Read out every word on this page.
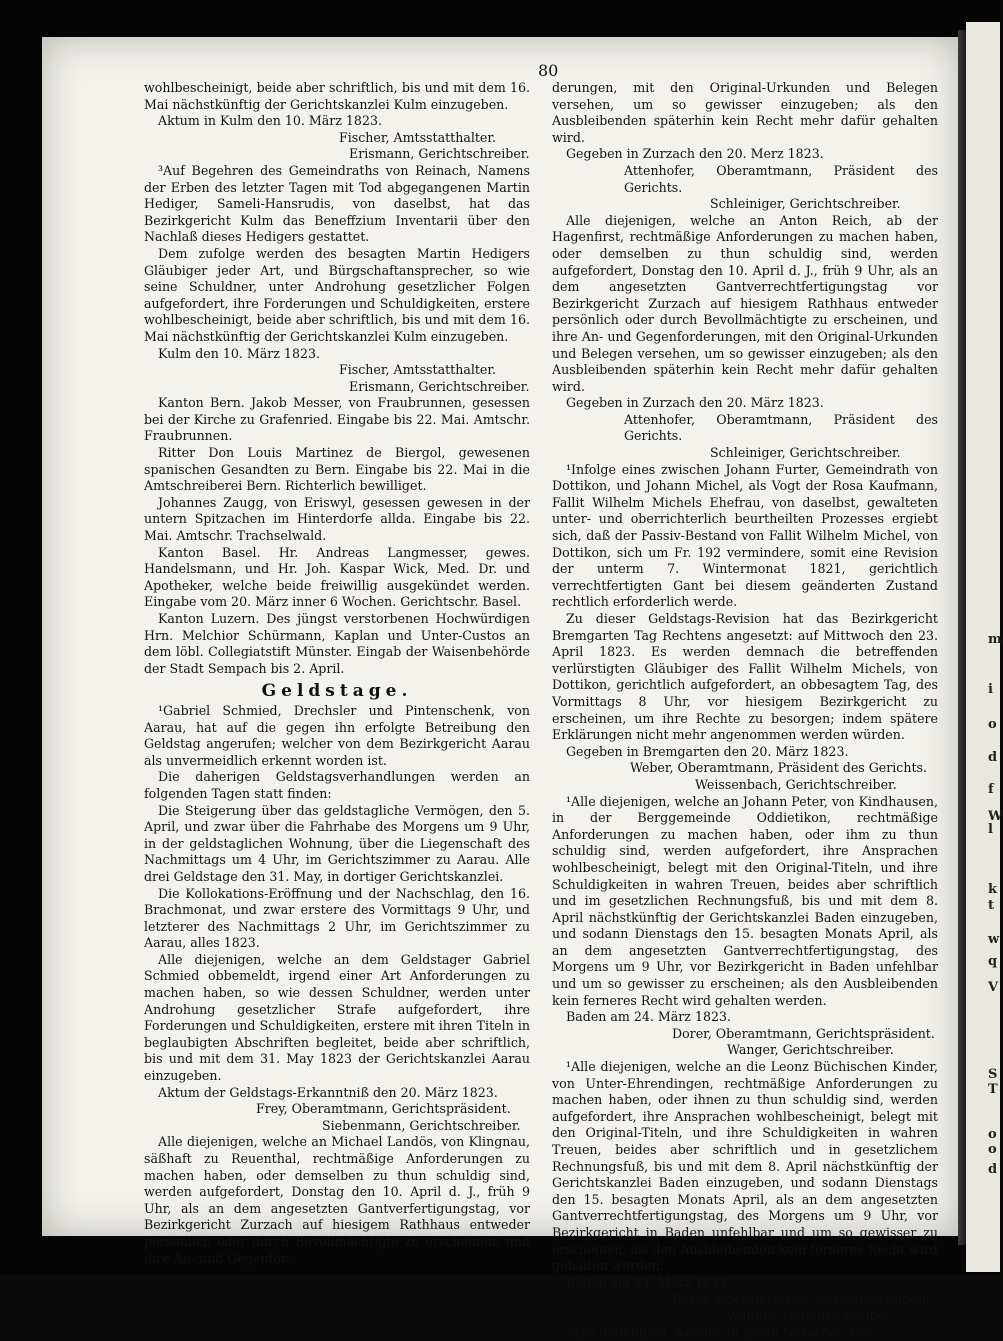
m
i
o
d
f
W
l
k
t
w
q
V
S
T
o
o
d
80

wohlbescheinigt, beide aber schriftlich, bis und mit dem 16. Mai nächstkünftig der Gerichtskanzlei Kulm einzugeben.

Aktum in Kulm den 10. März 1823.

Fischer, Amtsstatthalter.

Erismann, Gerichtschreiber.

³Auf Begehren des Gemeindraths von Reinach, Namens der Erben des letzter Tagen mit Tod abgegangenen Martin Hediger, Sameli-Hansrudis, von daselbst, hat das Bezirkgericht Kulm das Beneffzium Inventarii über den Nachlaß dieses Hedigers gestattet.

Dem zufolge werden des besagten Martin Hedigers Gläubiger jeder Art, und Bürgschaftansprecher, so wie seine Schuldner, unter Androhung gesetzlicher Folgen aufgefordert, ihre Forderungen und Schuldigkeiten, erstere wohlbescheinigt, beide aber schriftlich, bis und mit dem 16. Mai nächstkünftig der Gerichtskanzlei Kulm einzugeben.

Kulm den 10. März 1823.

Fischer, Amtsstatthalter.

Erismann, Gerichtschreiber.

Kanton Bern. Jakob Messer, von Fraubrunnen, gesessen bei der Kirche zu Grafenried. Eingabe bis 22. Mai. Amtschr. Fraubrunnen.

Ritter Don Louis Martinez de Biergol, gewesenen spanischen Gesandten zu Bern. Eingabe bis 22. Mai in die Amtschreiberei Bern. Richterlich bewilliget.

Johannes Zaugg, von Eriswyl, gesessen gewesen in der untern Spitzachen im Hinterdorfe allda. Eingabe bis 22. Mai. Amtschr. Trachselwald.

Kanton Basel. Hr. Andreas Langmesser, gewes. Handelsmann, und Hr. Joh. Kaspar Wick, Med. Dr. und Apotheker, welche beide freiwillig ausgekündet werden. Eingabe vom 20. März inner 6 Wochen. Gerichtschr. Basel.

Kanton Luzern. Des jüngst verstorbenen Hochwürdigen Hrn. Melchior Schürmann, Kaplan und Unter-Custos an dem löbl. Collegiatstift Münster. Eingab der Waisenbehörde der Stadt Sempach bis 2. April.

Geldstage.

¹Gabriel Schmied, Drechsler und Pintenschenk, von Aarau, hat auf die gegen ihn erfolgte Betreibung den Geldstag angerufen; welcher von dem Bezirkgericht Aarau als unvermeidlich erkennt worden ist.

Die daherigen Geldstagsverhandlungen werden an folgenden Tagen statt finden:

Die Steigerung über das geldstagliche Vermögen, den 5. April, und zwar über die Fahrhabe des Morgens um 9 Uhr, in der geldstaglichen Wohnung, über die Liegenschaft des Nachmittags um 4 Uhr, im Gerichtszimmer zu Aarau. Alle drei Geldstage den 31. May, in dortiger Gerichtskanzlei.

Die Kollokations-Eröffnung und der Nachschlag, den 16. Brachmonat, und zwar erstere des Vormittags 9 Uhr, und letzterer des Nachmittags 2 Uhr, im Gerichtszimmer zu Aarau, alles 1823.

Alle diejenigen, welche an dem Geldstager Gabriel Schmied obbemeldt, irgend einer Art Anforderungen zu machen haben, so wie dessen Schuldner, werden unter Androhung gesetzlicher Strafe aufgefordert, ihre Forderungen und Schuldigkeiten, erstere mit ihren Titeln in beglaubigten Abschriften begleitet, beide aber schriftlich, bis und mit dem 31. May 1823 der Gerichtskanzlei Aarau einzugeben.

Aktum der Geldstags-Erkanntniß den 20. März 1823.

Frey, Oberamtmann, Gerichtspräsident.

Siebenmann, Gerichtschreiber.

Alle diejenigen, welche an Michael Landös, von Klingnau, säßhaft zu Reuenthal, rechtmäßige Anforderungen zu machen haben, oder demselben zu thun schuldig sind, werden aufgefordert, Donstag den 10. April d. J., früh 9 Uhr, als an dem angesetzten Gantverfertigungstag, vor Bezirkgericht Zurzach auf hiesigem Rathhaus entweder persönlich oder durch Bevollmächtigte zu erscheinen, und ihre An- und Gegenfor-

derungen, mit den Original-Urkunden und Belegen versehen, um so gewisser einzugeben; als den Ausbleibenden späterhin kein Recht mehr dafür gehalten wird.

Gegeben in Zurzach den 20. Merz 1823.

Attenhofer, Oberamtmann, Präsident des Gerichts.

Schleiniger, Gerichtschreiber.

Alle diejenigen, welche an Anton Reich, ab der Hagenfirst, rechtmäßige Anforderungen zu machen haben, oder demselben zu thun schuldig sind, werden aufgefordert, Donstag den 10. April d. J., früh 9 Uhr, als an dem angesetzten Gantverrechtfertigungstag vor Bezirkgericht Zurzach auf hiesigem Rathhaus entweder persönlich oder durch Bevollmächtigte zu erscheinen, und ihre An- und Gegenforderungen, mit den Original-Urkunden und Belegen versehen, um so gewisser einzugeben; als den Ausbleibenden späterhin kein Recht mehr dafür gehalten wird.

Gegeben in Zurzach den 20. März 1823.

Attenhofer, Oberamtmann, Präsident des Gerichts.

Schleiniger, Gerichtschreiber.

¹Infolge eines zwischen Johann Furter, Gemeindrath von Dottikon, und Johann Michel, als Vogt der Rosa Kaufmann, Fallit Wilhelm Michels Ehefrau, von daselbst, gewalteten unter- und oberrichterlich beurtheilten Prozesses ergiebt sich, daß der Passiv-Bestand von Fallit Wilhelm Michel, von Dottikon, sich um Fr. 192 vermindere, somit eine Revision der unterm 7. Wintermonat 1821, gerichtlich verrechtfertigten Gant bei diesem geänderten Zustand rechtlich erforderlich werde.

Zu dieser Geldstags-Revision hat das Bezirkgericht Bremgarten Tag Rechtens angesetzt: auf Mittwoch den 23. April 1823. Es werden demnach die betreffenden verlürstigten Gläubiger des Fallit Wilhelm Michels, von Dottikon, gerichtlich aufgefordert, an obbesagtem Tag, des Vormittags 8 Uhr, vor hiesigem Bezirkgericht zu erscheinen, um ihre Rechte zu besorgen; indem spätere Erklärungen nicht mehr angenommen werden würden.

Gegeben in Bremgarten den 20. März 1823.

Weber, Oberamtmann, Präsident des Gerichts.

Weissenbach, Gerichtschreiber.

¹Alle diejenigen, welche an Johann Peter, von Kindhausen, in der Berggemeinde Oddietikon, rechtmäßige Anforderungen zu machen haben, oder ihm zu thun schuldig sind, werden aufgefordert, ihre Ansprachen wohlbescheinigt, belegt mit den Original-Titeln, und ihre Schuldigkeiten in wahren Treuen, beides aber schriftlich und im gesetzlichen Rechnungsfuß, bis und mit dem 8. April nächstkünftig der Gerichtskanzlei Baden einzugeben, und sodann Dienstags den 15. besagten Monats April, als an dem angesetzten Gantverrechtfertigungstag, des Morgens um 9 Uhr, vor Bezirkgericht in Baden unfehlbar und um so gewisser zu erscheinen; als den Ausbleibenden kein ferneres Recht wird gehalten werden.

Baden am 24. März 1823.

Dorer, Oberamtmann, Gerichtspräsident.

Wanger, Gerichtschreiber.

¹Alle diejenigen, welche an die Leonz Büchischen Kinder, von Unter-Ehrendingen, rechtmäßige Anforderungen zu machen haben, oder ihnen zu thun schuldig sind, werden aufgefordert, ihre Ansprachen wohlbescheinigt, belegt mit den Original-Titeln, und ihre Schuldigkeiten in wahren Treuen, beides aber schriftlich und in gesetzlichem Rechnungsfuß, bis und mit dem 8. April nächstkünftig der Gerichtskanzlei Baden einzugeben, und sodann Dienstags den 15. besagten Monats April, als an dem angesetzten Gantverrechtfertigungstag, des Morgens um 9 Uhr, vor Bezirkgericht in Baden unfehlbar und um so gewisser zu erscheinen; als den Ausbleibenden kein ferneres Recht wird gehalten werden.

Baden am 24. März 1823.

Dorer, Oberamtmann, Gerichtspräsident,

Wanger, Gerichtschreiber.

²Alle diejenigen, welche an Jakob Neracher, von
